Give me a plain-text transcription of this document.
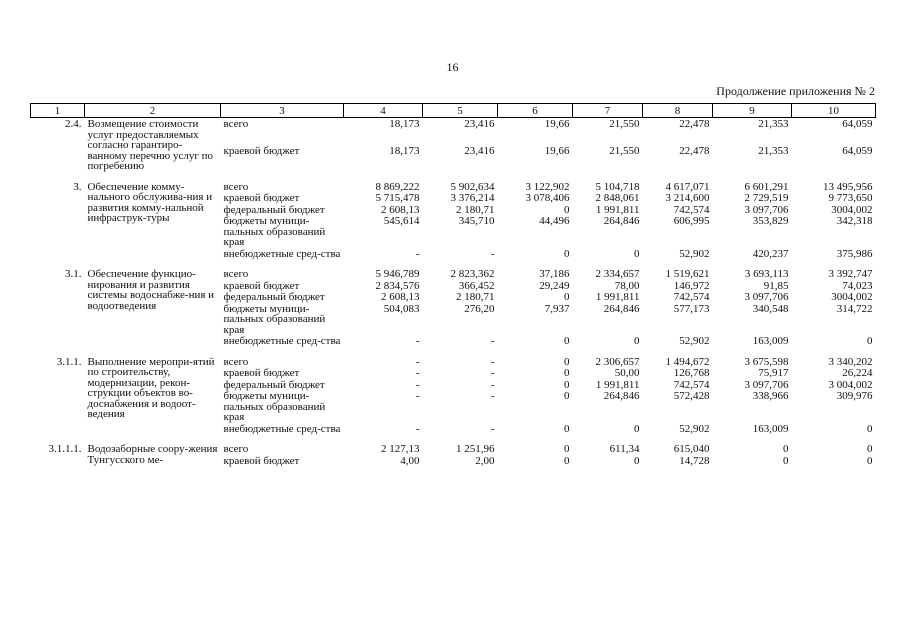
16
Продолжение приложения № 2
1	2	3	4	5	6	7	8	9	10
2.4.	Возмещение стоимости услуг предоставляемых согласно гарантиро-ванному перечню услуг по погребению	всего	18,173	23,416	19,66	21,550	22,478	21,353	64,059
		краевой бюджет	18,173	23,416	19,66	21,550	22,478	21,353	64,059

3.	Обеспечение комму-нального обслужива-ния и развития комму-нальной инфраструк-туры	всего	8 869,222	5 902,634	3 122,902	5 104,718	4 617,071	6 601,291	13 495,956
		краевой бюджет	5 715,478	3 376,214	3 078,406	2 848,061	3 214,600	2 729,519	9 773,650
		федеральный бюджет	2 608,13	2 180,71	0	1 991,811	742,574	3 097,706	3004,002
		бюджеты муници-пальных образований края	545,614	345,710	44,496	264,846	606,995	353,829	342,318
		внебюджетные сред-ства	-	-	0	0	52,902	420,237	375,986

3.1.	Обеспечение функцио-нирования и развития системы водоснабже-ния и водоотведения	всего	5 946,789	2 823,362	37,186	2 334,657	1 519,621	3 693,113	3 392,747
		краевой бюджет	2 834,576	366,452	29,249	78,00	146,972	91,85	74,023
		федеральный бюджет	2 608,13	2 180,71	0	1 991,811	742,574	3 097,706	3004,002
		бюджеты муници-пальных образований края	504,083	276,20	7,937	264,846	577,173	340,548	314,722
		внебюджетные сред-ства	-	-	0	0	52,902	163,009	0

3.1.1.	Выполнение меропри-ятий по строительству, модернизации, рекон-струкции объектов во-доснабжения и водоот-ведения	всего	-	-	0	2 306,657	1 494,672	3 675,598	3 340,202
		краевой бюджет	-	-	0	50,00	126,768	75,917	26,224
		федеральный бюджет	-	-	0	1 991,811	742,574	3 097,706	3 004,002
		бюджеты муници-пальных образований края	-	-	0	264,846	572,428	338,966	309,976
		внебюджетные сред-ства	-	-	0	0	52,902	163,009	0

3.1.1.1.	Водозаборные соору-жения Тунгусского ме-	всего	2 127,13	1 251,96	0	611,34	615,040	0	0
		краевой бюджет	4,00	2,00	0	0	14,728	0	0
